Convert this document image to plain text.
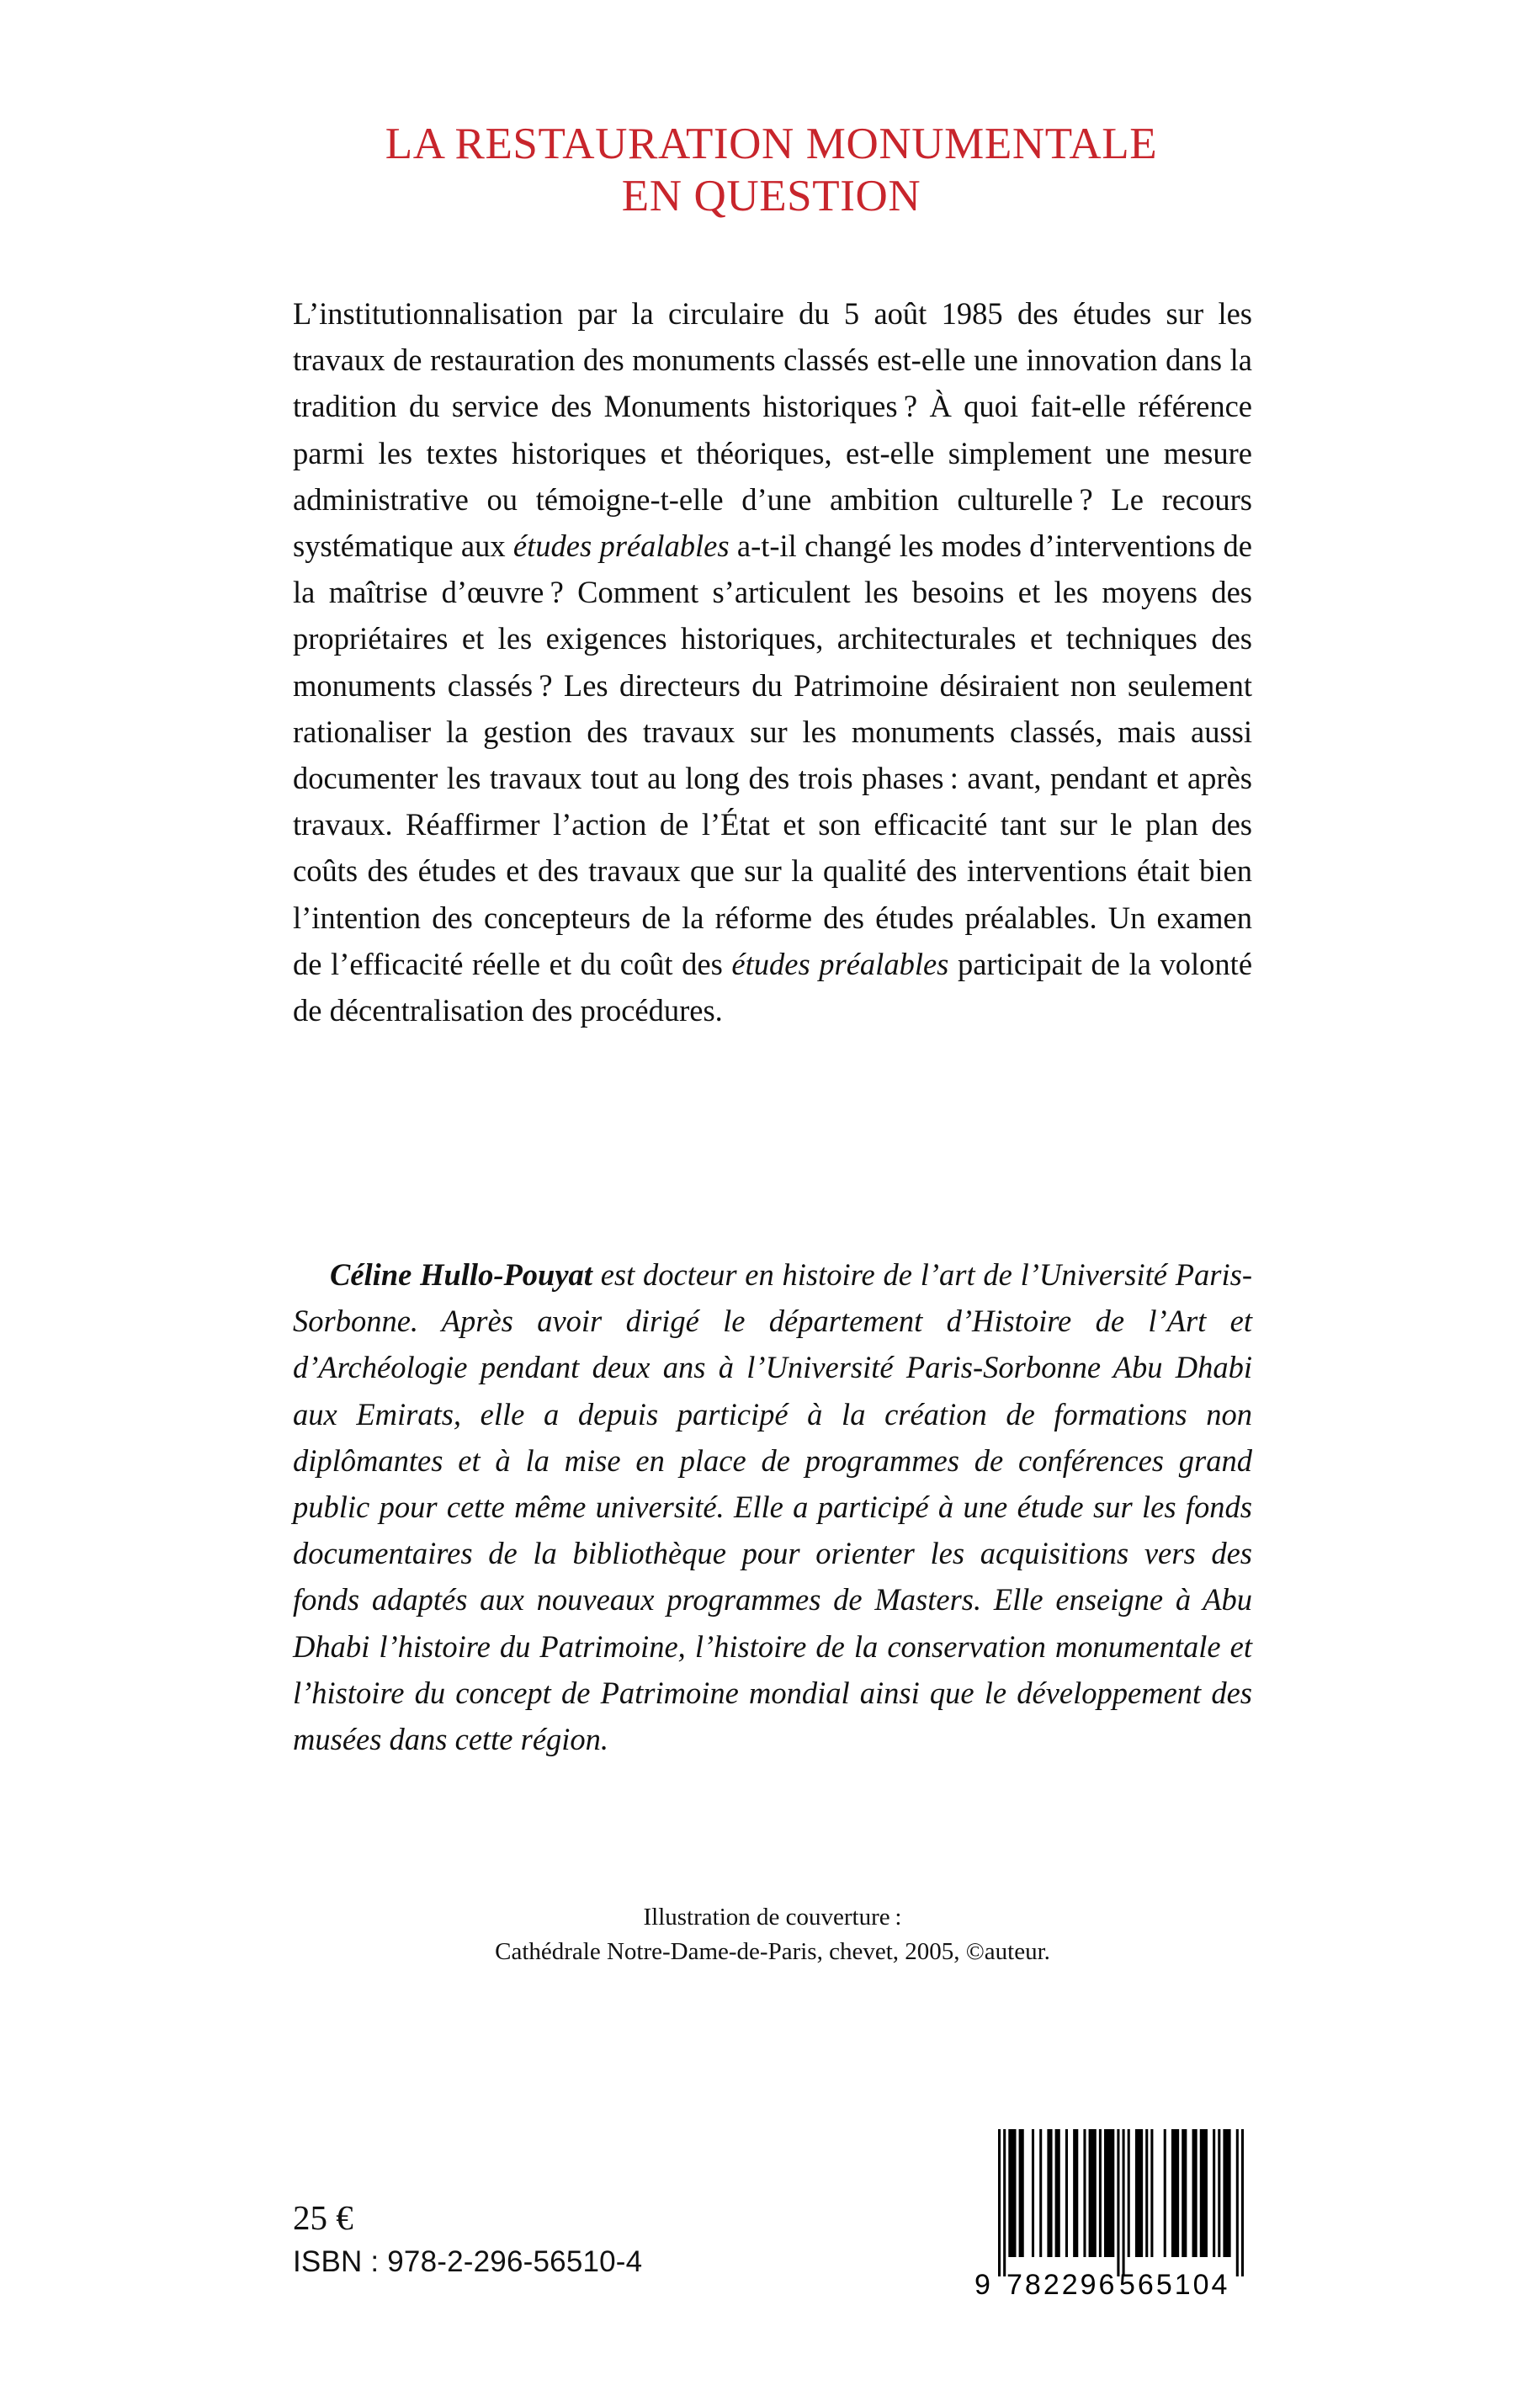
LA RESTAURATION MONUMENTALE
EN QUESTION

L’institutionnalisation par la circulaire du 5 août 1985 des études sur les travaux de restauration des monuments classés est-elle une innovation dans la tradition du service des Monuments historiques ? À quoi fait-elle référence parmi les textes historiques et théoriques, est-elle simplement une mesure administrative ou témoigne-t-elle d’une ambition culturelle ? Le recours systématique aux études préalables a-t-il changé les modes d’interventions de la maîtrise d’œuvre ? Comment s’articulent les besoins et les moyens des propriétaires et les exigences historiques, architecturales et techniques des monuments classés ? Les directeurs du Patrimoine désiraient non seulement rationaliser la gestion des travaux sur les monuments classés, mais aussi documenter les travaux tout au long des trois phases : avant, pendant et après travaux. Réaffirmer l’action de l’État et son efficacité tant sur le plan des coûts des études et des travaux que sur la qualité des interventions était bien l’intention des concepteurs de la réforme des études préalables. Un examen de l’efficacité réelle et du coût des études préalables participait de la volonté de décentralisation des procédures.

Céline Hullo-Pouyat est docteur en histoire de l’art de l’Université Paris-Sorbonne. Après avoir dirigé le département d’Histoire de l’Art et d’Archéologie pendant deux ans à l’Université Paris-Sorbonne Abu Dhabi aux Emirats, elle a depuis participé à la création de formations non diplômantes et à la mise en place de programmes de conférences grand public pour cette même université. Elle a participé à une étude sur les fonds documentaires de la bibliothèque pour orienter les acquisitions vers des fonds adaptés aux nouveaux programmes de Masters. Elle enseigne à Abu Dhabi l’histoire du Patrimoine, l’histoire de la conservation monumentale et l’histoire du concept de Patrimoine mondial ainsi que le développement des musées dans cette région.

Illustration de couverture :
Cathédrale Notre-Dame-de-Paris, chevet, 2005, ©auteur.
25 €
ISBN : 978-2-296-56510-4
9 782296 565104
